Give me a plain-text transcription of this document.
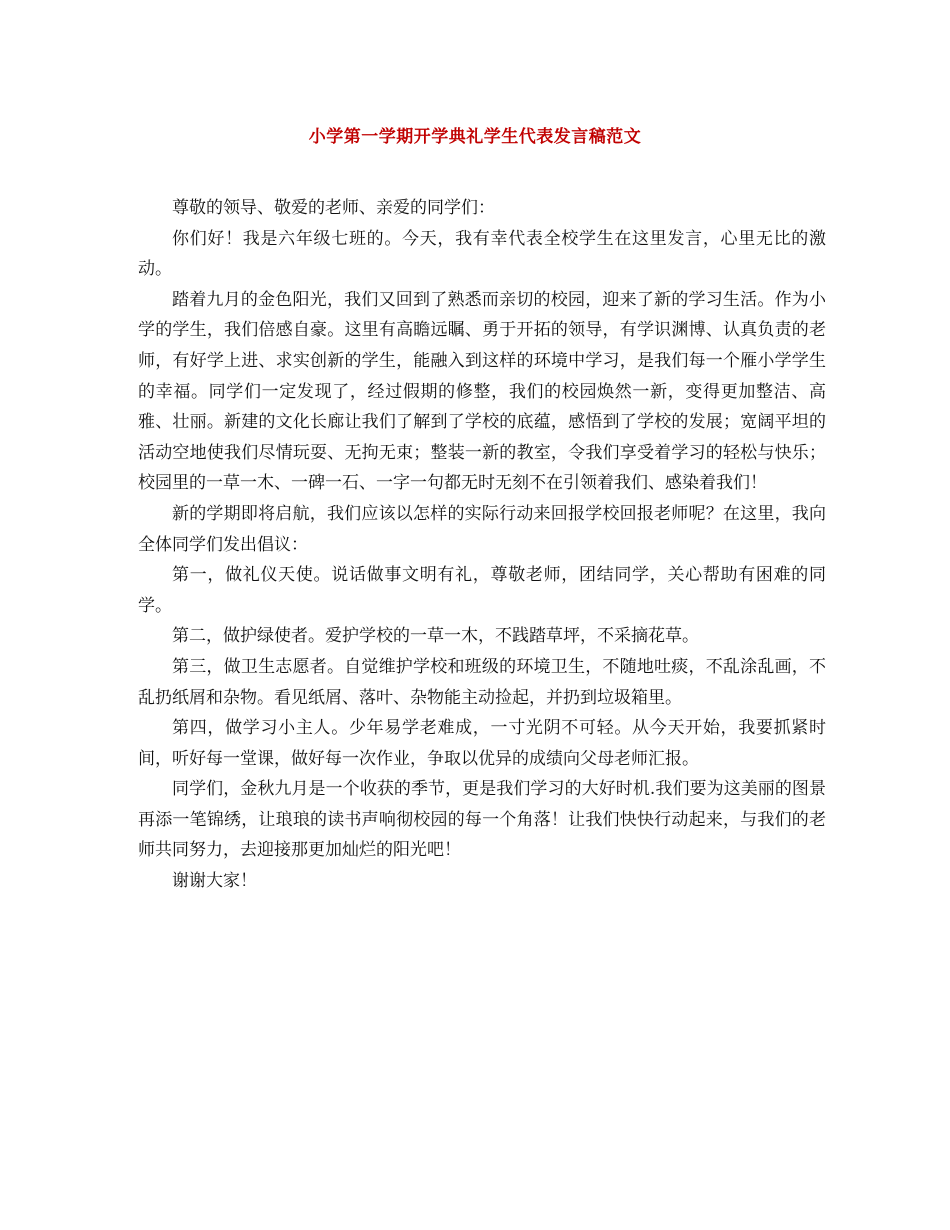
小学第一学期开学典礼学生代表发言稿范文

尊敬的领导、敬爱的老师、亲爱的同学们：

你们好！我是六年级七班的。今天，我有幸代表全校学生在这里发言，心里无比的激动。

踏着九月的金色阳光，我们又回到了熟悉而亲切的校园，迎来了新的学习生活。作为小学的学生，我们倍感自豪。这里有高瞻远瞩、勇于开拓的领导，有学识渊博、认真负责的老师，有好学上进、求实创新的学生，能融入到这样的环境中学习，是我们每一个雁小学学生的幸福。同学们一定发现了，经过假期的修整，我们的校园焕然一新，变得更加整洁、高雅、壮丽。新建的文化长廊让我们了解到了学校的底蕴，感悟到了学校的发展；宽阔平坦的活动空地使我们尽情玩耍、无拘无束；整装一新的教室，令我们享受着学习的轻松与快乐；校园里的一草一木、一碑一石、一字一句都无时无刻不在引领着我们、感染着我们！

新的学期即将启航，我们应该以怎样的实际行动来回报学校回报老师呢？在这里，我向全体同学们发出倡议：

第一，做礼仪天使。说话做事文明有礼，尊敬老师，团结同学，关心帮助有困难的同学。

第二，做护绿使者。爱护学校的一草一木，不践踏草坪，不采摘花草。

第三，做卫生志愿者。自觉维护学校和班级的环境卫生，不随地吐痰，不乱涂乱画，不乱扔纸屑和杂物。看见纸屑、落叶、杂物能主动捡起，并扔到垃圾箱里。

第四，做学习小主人。少年易学老难成，一寸光阴不可轻。从今天开始，我要抓紧时间，听好每一堂课，做好每一次作业，争取以优异的成绩向父母老师汇报。

同学们，金秋九月是一个收获的季节，更是我们学习的大好时机.我们要为这美丽的图景再添一笔锦绣，让琅琅的读书声响彻校园的每一个角落！让我们快快行动起来，与我们的老师共同努力，去迎接那更加灿烂的阳光吧！

谢谢大家！
